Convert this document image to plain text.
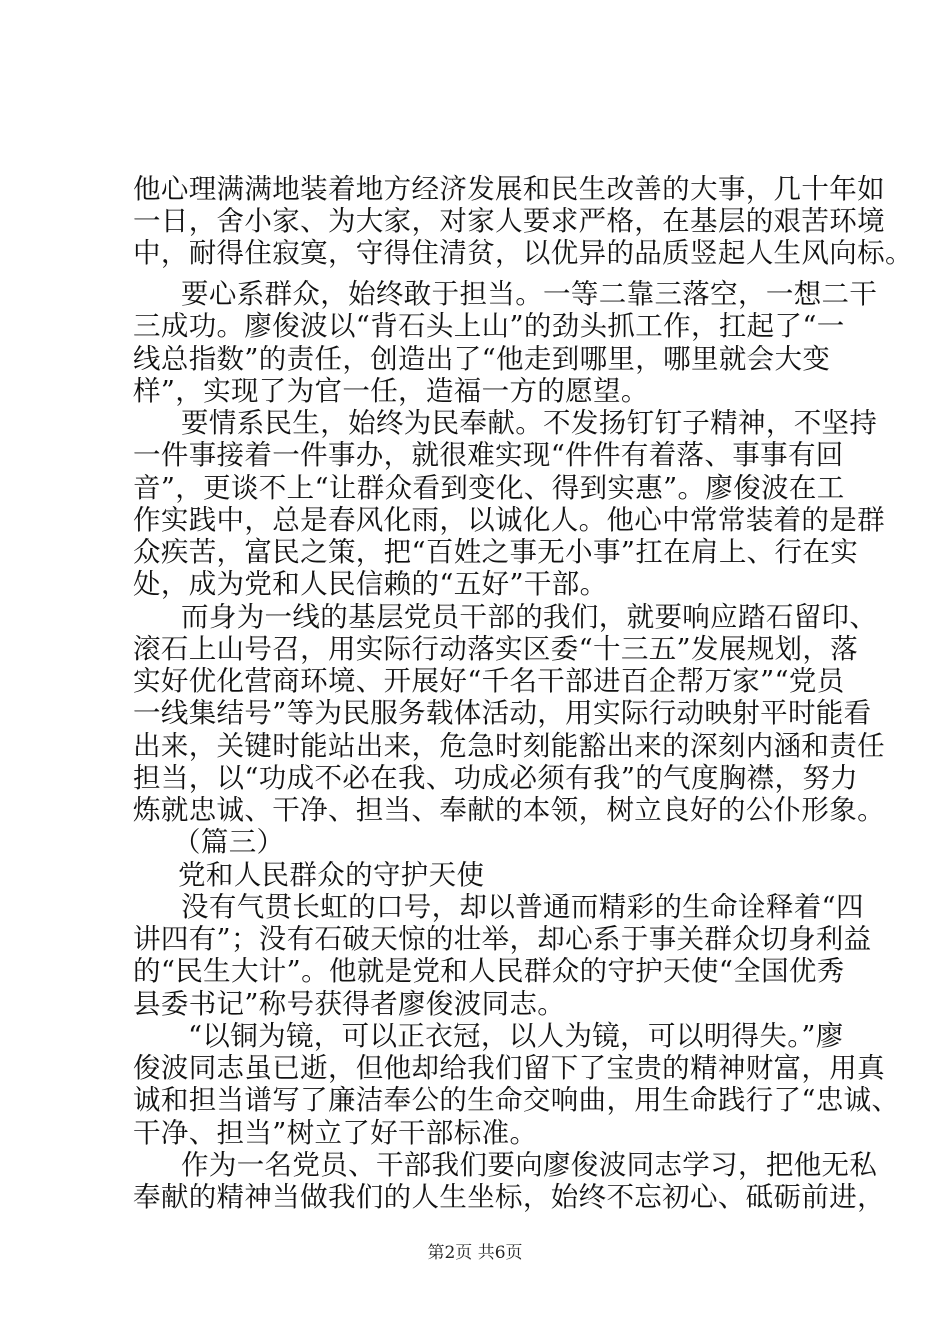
他心理满满地装着地方经济发展和民生改善的大事，几十年如
一日，舍小家、为大家，对家人要求严格，在基层的艰苦环境
中，耐得住寂寞，守得住清贫，以优异的品质竖起人生风向标。
要心系群众，始终敢于担当。一等二靠三落空，一想二干
三成功。廖俊波以“背石头上山”的劲头抓工作，扛起了“一
线总指数”的责任，创造出了“他走到哪里，哪里就会大变
样”，实现了为官一任，造福一方的愿望。
要情系民生，始终为民奉献。不发扬钉钉子精神，不坚持
一件事接着一件事办，就很难实现“件件有着落、事事有回
音”，更谈不上“让群众看到变化、得到实惠”。廖俊波在工
作实践中，总是春风化雨，以诚化人。他心中常常装着的是群
众疾苦，富民之策，把“百姓之事无小事”扛在肩上、行在实
处，成为党和人民信赖的“五好”干部。
而身为一线的基层党员干部的我们，就要响应踏石留印、
滚石上山号召，用实际行动落实区委“十三五”发展规划，落
实好优化营商环境、开展好“千名干部进百企帮万家”“党员
一线集结号”等为民服务载体活动，用实际行动映射平时能看
出来，关键时能站出来，危急时刻能豁出来的深刻内涵和责任
担当，以“功成不必在我、功成必须有我”的气度胸襟，努力
炼就忠诚、干净、担当、奉献的本领，树立良好的公仆形象。
（篇三）
党和人民群众的守护天使
没有气贯长虹的口号，却以普通而精彩的生命诠释着“四
讲四有”；没有石破天惊的壮举，却心系于事关群众切身利益
的“民生大计”。他就是党和人民群众的守护天使“全国优秀
县委书记”称号获得者廖俊波同志。
“以铜为镜，可以正衣冠，以人为镜，可以明得失。”廖
第2页 共6页
俊波同志虽已逝，但他却给我们留下了宝贵的精神财富，用真
诚和担当谱写了廉洁奉公的生命交响曲，用生命践行了“忠诚、
干净、担当”树立了好干部标准。
作为一名党员、干部我们要向廖俊波同志学习，把他无私
奉献的精神当做我们的人生坐标，始终不忘初心、砥砺前进，
